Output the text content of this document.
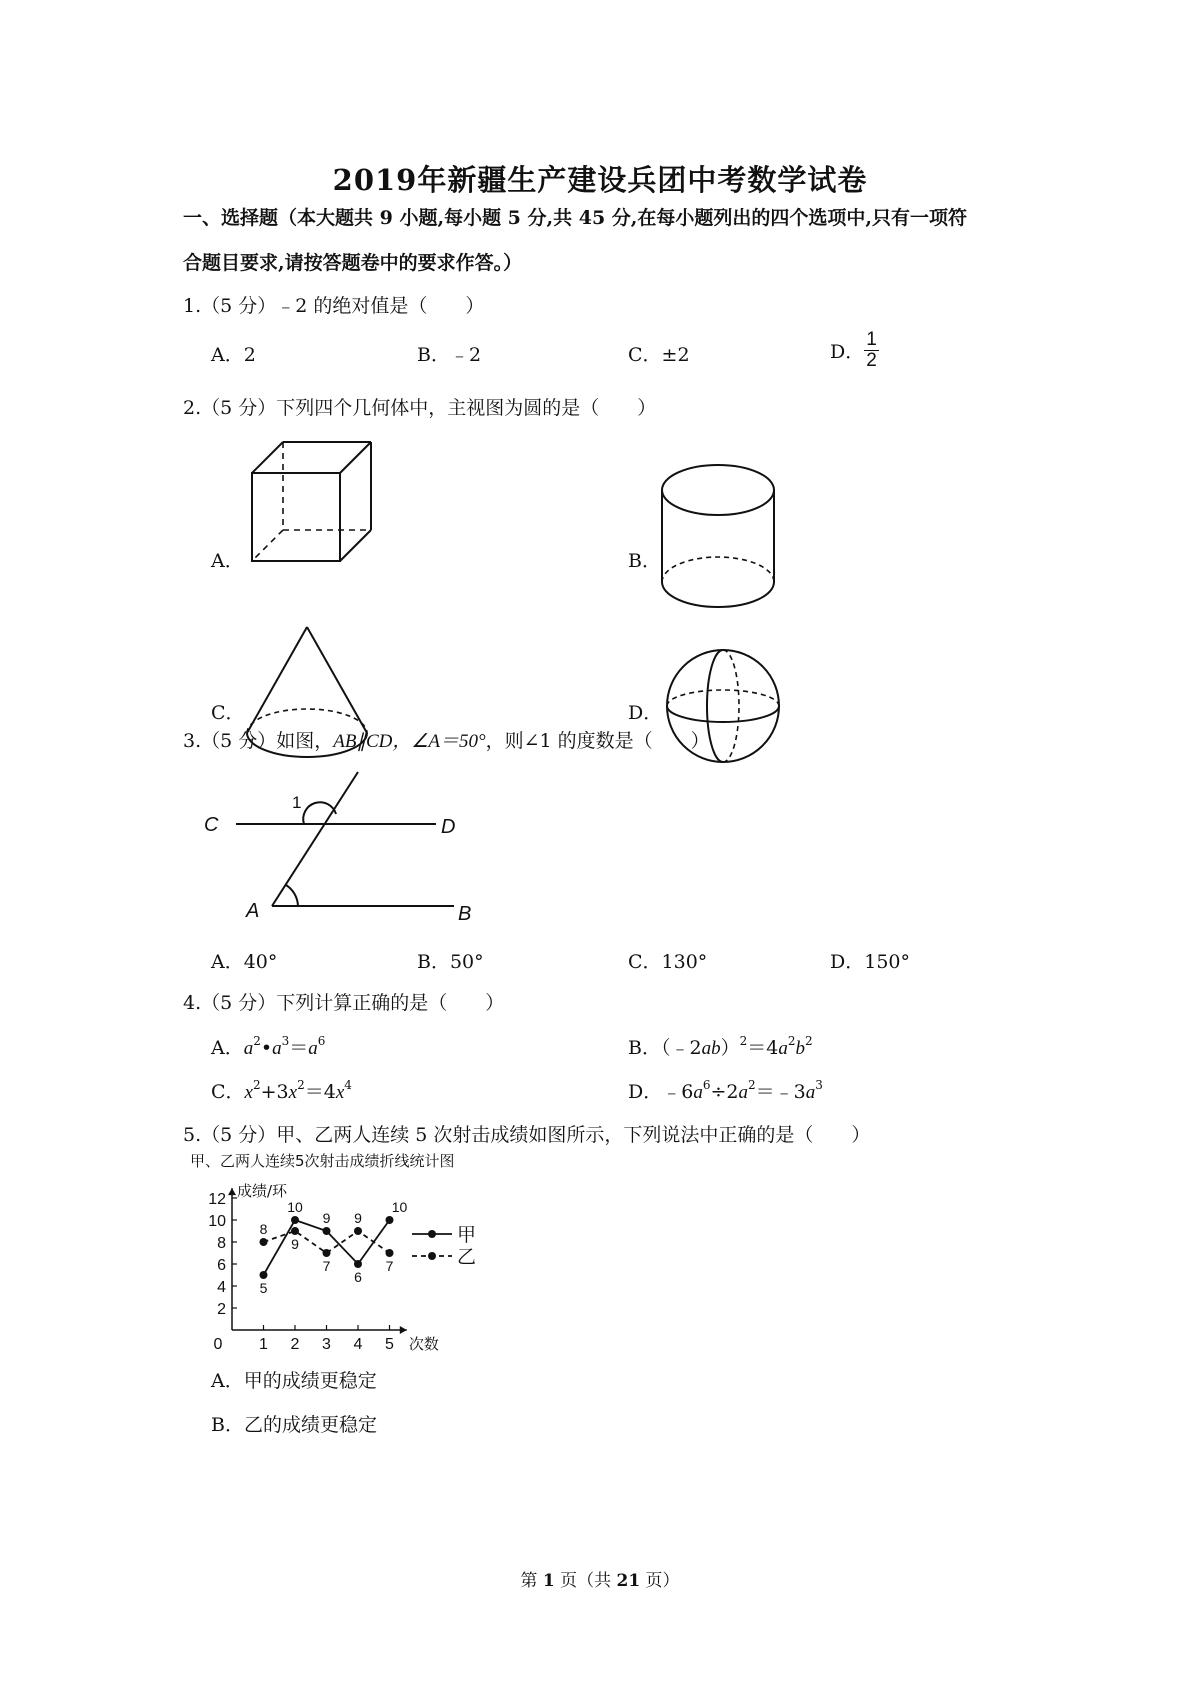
2019年新疆生产建设兵团中考数学试卷
一、选择题（本大题共 9 小题,每小题 5 分,共 45 分,在每小题列出的四个选项中,只有一项符
合题目要求,请按答题卷中的要求作答。）
1.（5 分）﹣2 的绝对值是（　　）
A．2	B．﹣2	C．±2	D． $\frac{1}{2}$
2.（5 分）下列四个几何体中，主视图为圆的是（　　）
A．	B．
C．	D．
3.（5 分）如图，AB∥CD，∠A＝50°，则∠1 的度数是（　　）
C	D
A	B
1
A．40°	B．50°	C．130°	D．150°
4.（5 分）下列计算正确的是（　　）
A．$a^2•a^3=a^6$	B．$(﹣2ab)^2=4a^2b^2$
C．$x^2+3x^2=4x^4$	D．$﹣6a^6\div 2a^2=﹣3a^3$
5.（5 分）甲、乙两人连续 5 次射击成绩如图所示，下列说法中正确的是（　　）
甲、乙两人连续5次射击成绩折线统计图
2
4
6
8
10
12
0 1 2 3 4 5
成绩/环
次数
5
10
9
6
10
8
9
7
9
7
甲
乙
A．甲的成绩更稳定
B．乙的成绩更稳定
第 1 页（共 21 页）
